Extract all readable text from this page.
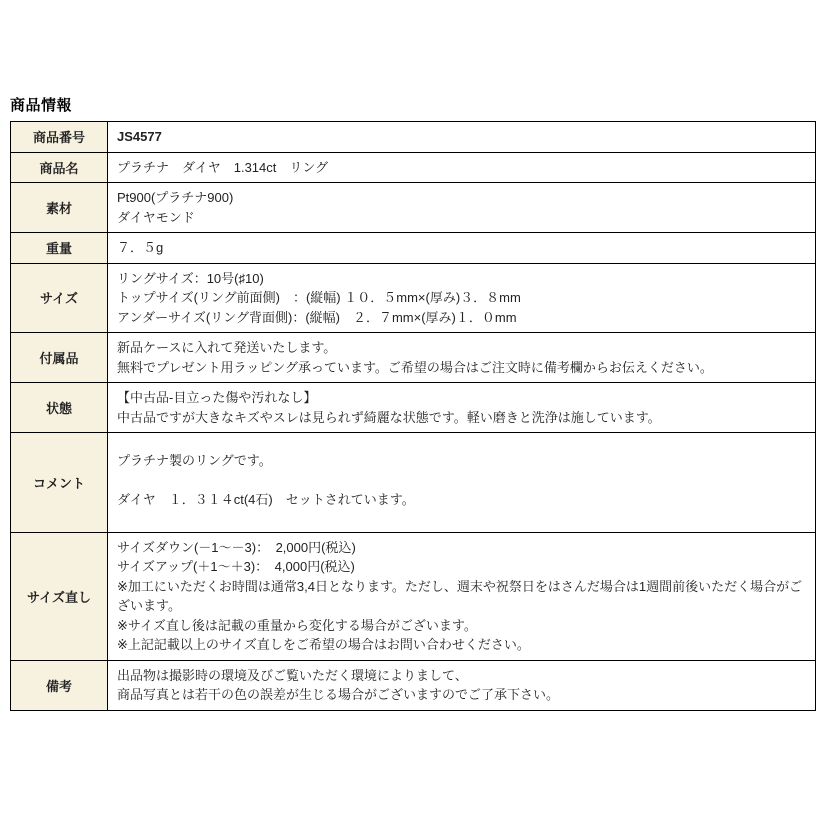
商品情報
商品番号	JS4577

商品名	プラチナ　ダイヤ　1.314ct　リング

素材	Pt900(プラチナ900)
ダイヤモンド

重量	７．５g

サイズ	リングサイズ：10号(♯10)
トップサイズ(リング前面側)　：(縦幅) １０．５mm×(厚み)３．８mm
アンダーサイズ(リング背面側)：(縦幅)　２．７mm×(厚み)１．０mm

付属品	新品ケースに入れて発送いたします。
無料でプレゼント用ラッピング承っています。ご希望の場合はご注文時に備考欄からお伝えください。

状態	【中古品-目立った傷や汚れなし】
中古品ですが大きなキズやスレは見られず綺麗な状態です。軽い磨きと洗浄は施しています。

コメント	プラチナ製のリングです。
ダイヤ　１．３１４ct(4石)　セットされています。

サイズ直し	サイズダウン(－1〜－3)：　2,000円(税込)
サイズアップ(＋1〜＋3)：　4,000円(税込)
※加工にいただくお時間は通常3,4日となります。ただし、週末や祝祭日をはさんだ場合は1週間前後いただく場合がございます。
※サイズ直し後は記載の重量から変化する場合がございます。
※上記記載以上のサイズ直しをご希望の場合はお問い合わせください。

備考	出品物は撮影時の環境及びご覧いただく環境によりまして、
商品写真とは若干の色の誤差が生じる場合がございますのでご了承下さい。
